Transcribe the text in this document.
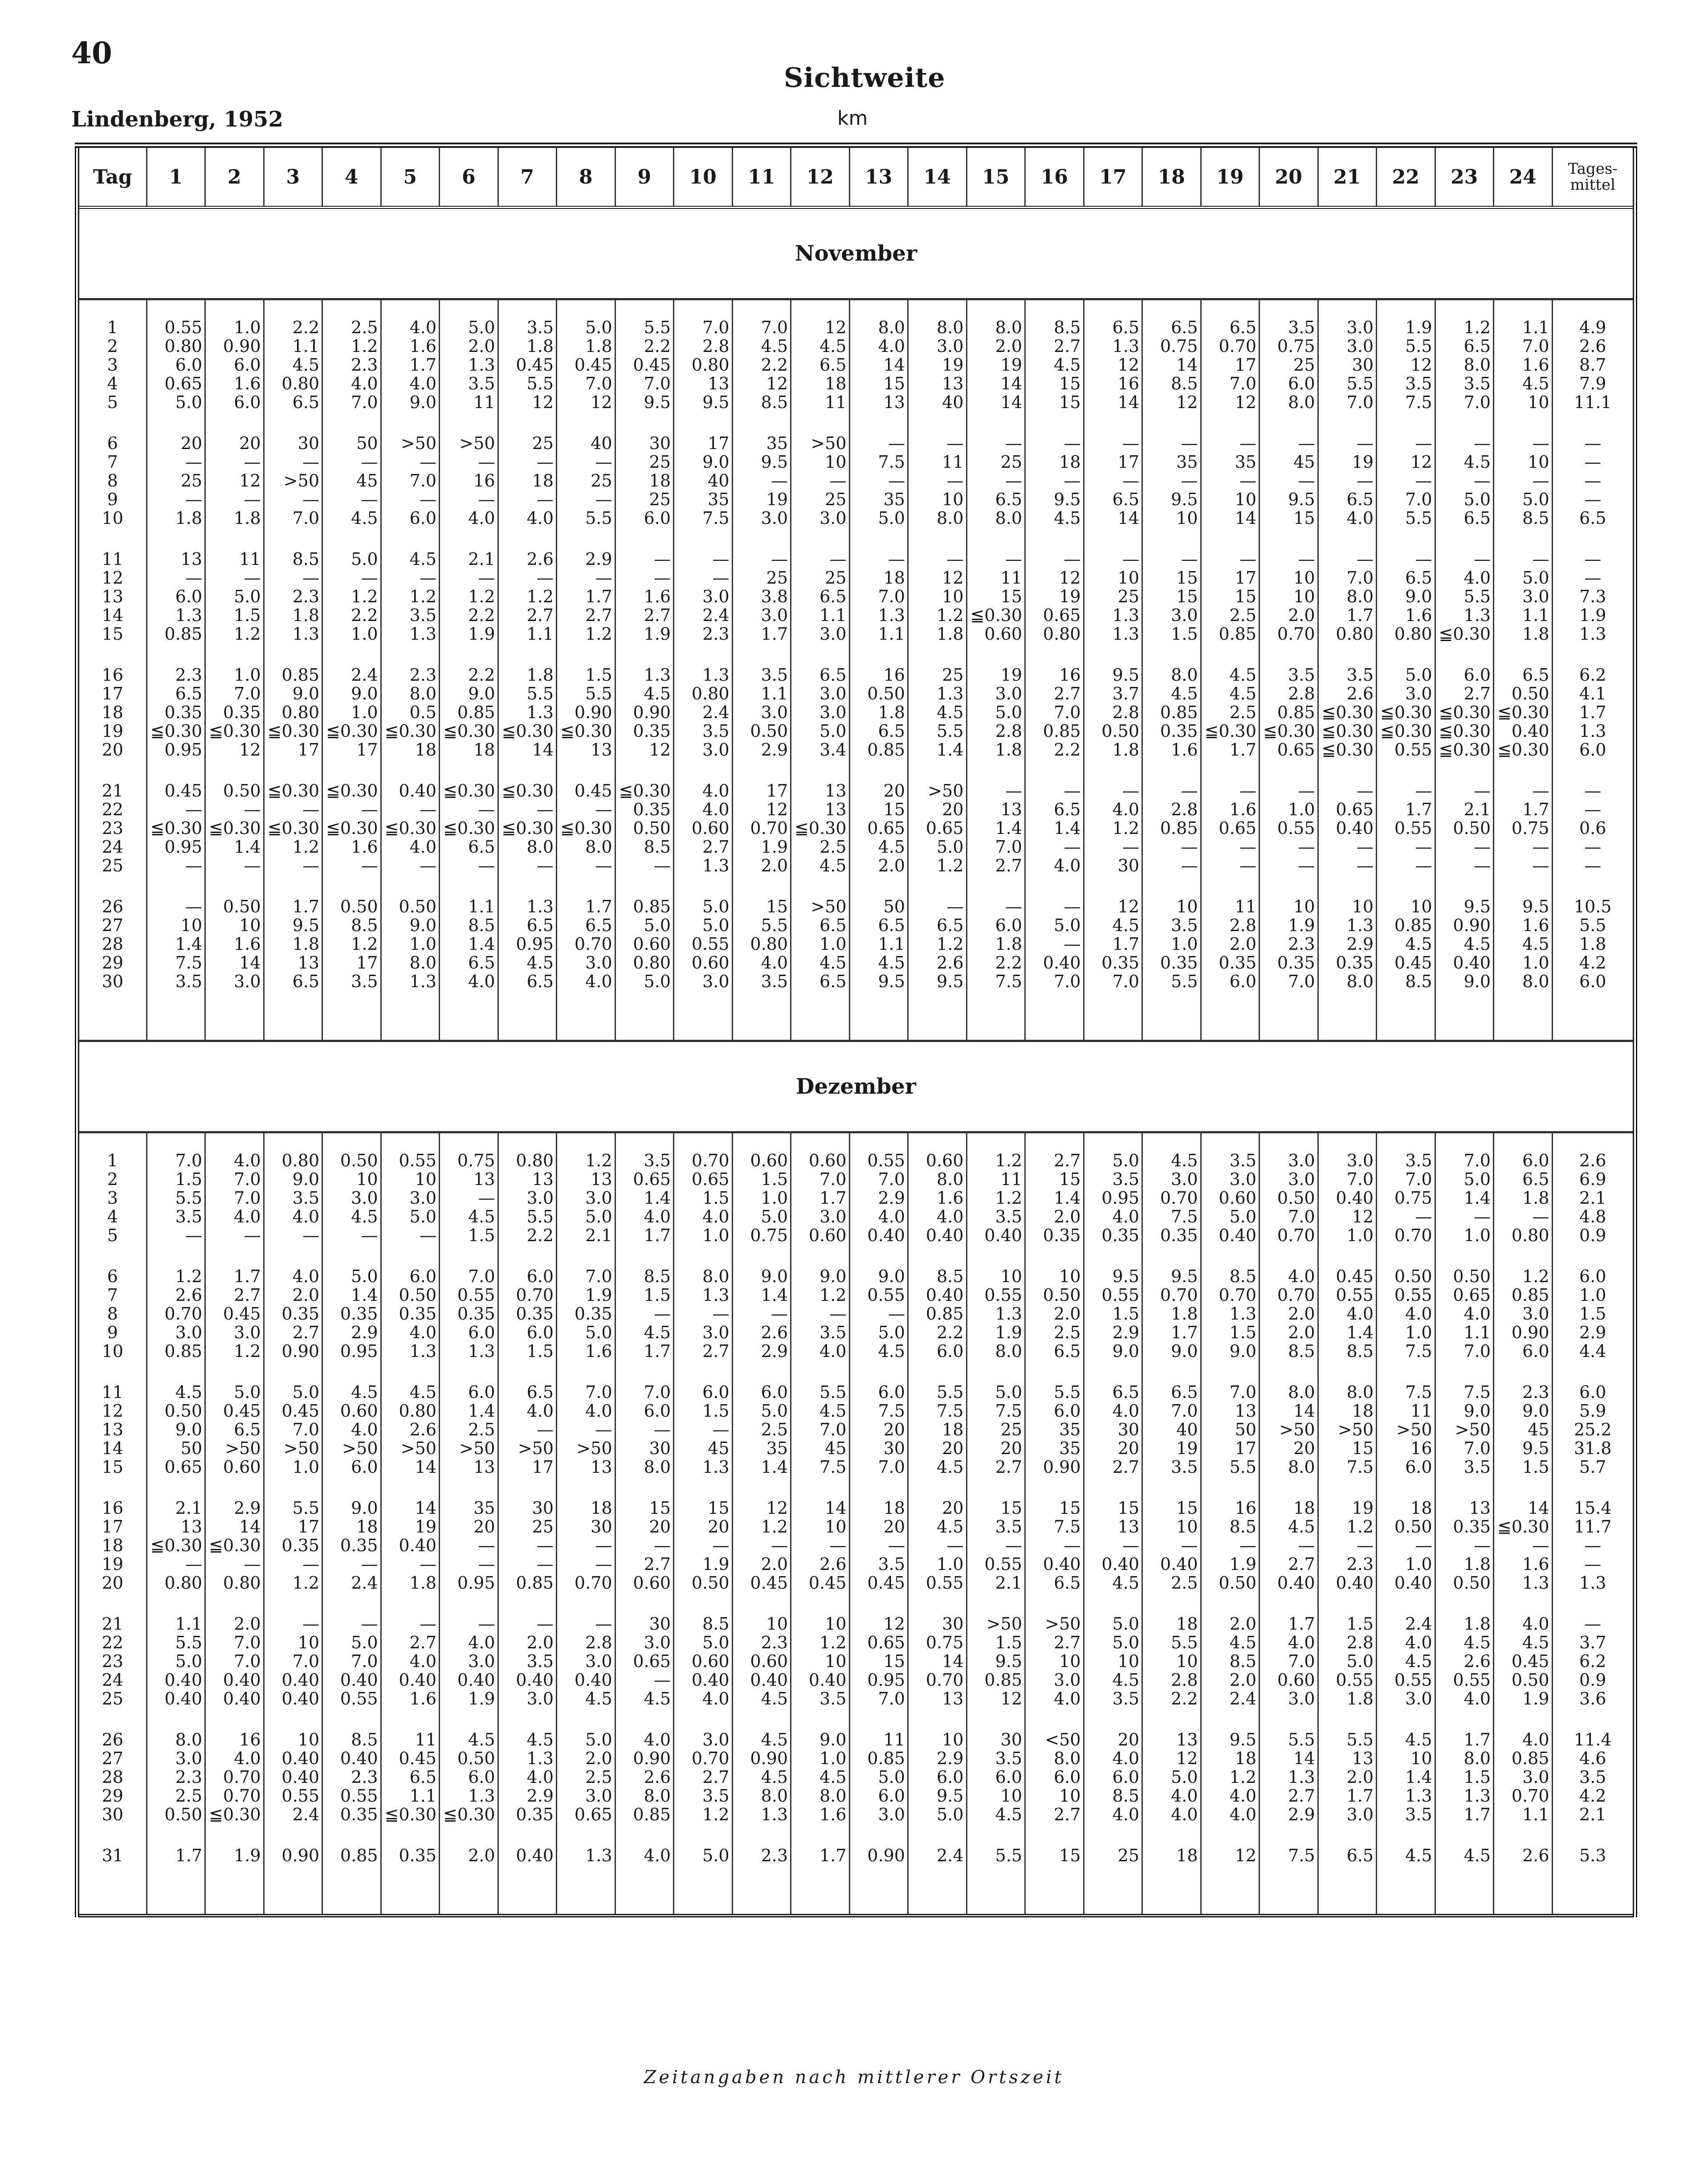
40
Sichtweite
km
Lindenberg, 1952
Tag	1	2	3	4	5	6	7	8	9	10	11	12	13	14	15	16	17	18	19	20	21	22	23	24	Tages-
mittel

November																									

1	0.55	1.0	2.2	2.5	4.0	5.0	3.5	5.0	5.5	7.0	7.0	12	8.0	8.0	8.0	8.5	6.5	6.5	6.5	3.5	3.0	1.9	1.2	1.1	4.9
2	0.80	0.90	1.1	1.2	1.6	2.0	1.8	1.8	2.2	2.8	4.5	4.5	4.0	3.0	2.0	2.7	1.3	0.75	0.70	0.75	3.0	5.5	6.5	7.0	2.6
3	6.0	6.0	4.5	2.3	1.7	1.3	0.45	0.45	0.45	0.80	2.2	6.5	14	19	19	4.5	12	14	17	25	30	12	8.0	1.6	8.7
4	0.65	1.6	0.80	4.0	4.0	3.5	5.5	7.0	7.0	13	12	18	15	13	14	15	16	8.5	7.0	6.0	5.5	3.5	3.5	4.5	7.9
5	5.0	6.0	6.5	7.0	9.0	11	12	12	9.5	9.5	8.5	11	13	40	14	15	14	12	12	8.0	7.0	7.5	7.0	10	11.1

6	20	20	30	50	>50	>50	25	40	30	17	35	>50	—	—	—	—	—	—	—	—	—	—	—	—	—
7	—	—	—	—	—	—	—	—	25	9.0	9.5	10	7.5	11	25	18	17	35	35	45	19	12	4.5	10	—
8	25	12	>50	45	7.0	16	18	25	18	40	—	—	—	—	—	—	—	—	—	—	—	—	—	—	—
9	—	—	—	—	—	—	—	—	25	35	19	25	35	10	6.5	9.5	6.5	9.5	10	9.5	6.5	7.0	5.0	5.0	—
10	1.8	1.8	7.0	4.5	6.0	4.0	4.0	5.5	6.0	7.5	3.0	3.0	5.0	8.0	8.0	4.5	14	10	14	15	4.0	5.5	6.5	8.5	6.5

11	13	11	8.5	5.0	4.5	2.1	2.6	2.9	—	—	—	—	—	—	—	—	—	—	—	—	—	—	—	—	—
12	—	—	—	—	—	—	—	—	—	—	25	25	18	12	11	12	10	15	17	10	7.0	6.5	4.0	5.0	—
13	6.0	5.0	2.3	1.2	1.2	1.2	1.2	1.7	1.6	3.0	3.8	6.5	7.0	10	15	19	25	15	15	10	8.0	9.0	5.5	3.0	7.3
14	1.3	1.5	1.8	2.2	3.5	2.2	2.7	2.7	2.7	2.4	3.0	1.1	1.3	1.2	≦0.30	0.65	1.3	3.0	2.5	2.0	1.7	1.6	1.3	1.1	1.9
15	0.85	1.2	1.3	1.0	1.3	1.9	1.1	1.2	1.9	2.3	1.7	3.0	1.1	1.8	0.60	0.80	1.3	1.5	0.85	0.70	0.80	0.80	≦0.30	1.8	1.3

16	2.3	1.0	0.85	2.4	2.3	2.2	1.8	1.5	1.3	1.3	3.5	6.5	16	25	19	16	9.5	8.0	4.5	3.5	3.5	5.0	6.0	6.5	6.2
17	6.5	7.0	9.0	9.0	8.0	9.0	5.5	5.5	4.5	0.80	1.1	3.0	0.50	1.3	3.0	2.7	3.7	4.5	4.5	2.8	2.6	3.0	2.7	0.50	4.1
18	0.35	0.35	0.80	1.0	0.5	0.85	1.3	0.90	0.90	2.4	3.0	3.0	1.8	4.5	5.0	7.0	2.8	0.85	2.5	0.85	≦0.30	≦0.30	≦0.30	≦0.30	1.7
19	≦0.30	≦0.30	≦0.30	≦0.30	≦0.30	≦0.30	≦0.30	≦0.30	0.35	3.5	0.50	5.0	6.5	5.5	2.8	0.85	0.50	0.35	≦0.30	≦0.30	≦0.30	≦0.30	≦0.30	0.40	1.3
20	0.95	12	17	17	18	18	14	13	12	3.0	2.9	3.4	0.85	1.4	1.8	2.2	1.8	1.6	1.7	0.65	≦0.30	0.55	≦0.30	≦0.30	6.0

21	0.45	0.50	≦0.30	≦0.30	0.40	≦0.30	≦0.30	0.45	≦0.30	4.0	17	13	20	>50	—	—	—	—	—	—	—	—	—	—	—
22	—	—	—	—	—	—	—	—	0.35	4.0	12	13	15	20	13	6.5	4.0	2.8	1.6	1.0	0.65	1.7	2.1	1.7	—
23	≦0.30	≦0.30	≦0.30	≦0.30	≦0.30	≦0.30	≦0.30	≦0.30	0.50	0.60	0.70	≦0.30	0.65	0.65	1.4	1.4	1.2	0.85	0.65	0.55	0.40	0.55	0.50	0.75	0.6
24	0.95	1.4	1.2	1.6	4.0	6.5	8.0	8.0	8.5	2.7	1.9	2.5	4.5	5.0	7.0	—	—	—	—	—	—	—	—	—	—
25	—	—	—	—	—	—	—	—	—	1.3	2.0	4.5	2.0	1.2	2.7	4.0	30	—	—	—	—	—	—	—	—

26	—	0.50	1.7	0.50	0.50	1.1	1.3	1.7	0.85	5.0	15	>50	50	—	—	—	12	10	11	10	10	10	9.5	9.5	10.5
27	10	10	9.5	8.5	9.0	8.5	6.5	6.5	5.0	5.0	5.5	6.5	6.5	6.5	6.0	5.0	4.5	3.5	2.8	1.9	1.3	0.85	0.90	1.6	5.5
28	1.4	1.6	1.8	1.2	1.0	1.4	0.95	0.70	0.60	0.55	0.80	1.0	1.1	1.2	1.8	—	1.7	1.0	2.0	2.3	2.9	4.5	4.5	4.5	1.8
29	7.5	14	13	17	8.0	6.5	4.5	3.0	0.80	0.60	4.0	4.5	4.5	2.6	2.2	0.40	0.35	0.35	0.35	0.35	0.35	0.45	0.40	1.0	4.2
30	3.5	3.0	6.5	3.5	1.3	4.0	6.5	4.0	5.0	3.0	3.5	6.5	9.5	9.5	7.5	7.0	7.0	5.5	6.0	7.0	8.0	8.5	9.0	8.0	6.0

Dezember																									

1	7.0	4.0	0.80	0.50	0.55	0.75	0.80	1.2	3.5	0.70	0.60	0.60	0.55	0.60	1.2	2.7	5.0	4.5	3.5	3.0	3.0	3.5	7.0	6.0	2.6
2	1.5	7.0	9.0	10	10	13	13	13	0.65	0.65	1.5	7.0	7.0	8.0	11	15	3.5	3.0	3.0	3.0	7.0	7.0	5.0	6.5	6.9
3	5.5	7.0	3.5	3.0	3.0	—	3.0	3.0	1.4	1.5	1.0	1.7	2.9	1.6	1.2	1.4	0.95	0.70	0.60	0.50	0.40	0.75	1.4	1.8	2.1
4	3.5	4.0	4.0	4.5	5.0	4.5	5.5	5.0	4.0	4.0	5.0	3.0	4.0	4.0	3.5	2.0	4.0	7.5	5.0	7.0	12	—	—	—	4.8
5	—	—	—	—	—	1.5	2.2	2.1	1.7	1.0	0.75	0.60	0.40	0.40	0.40	0.35	0.35	0.35	0.40	0.70	1.0	0.70	1.0	0.80	0.9

6	1.2	1.7	4.0	5.0	6.0	7.0	6.0	7.0	8.5	8.0	9.0	9.0	9.0	8.5	10	10	9.5	9.5	8.5	4.0	0.45	0.50	0.50	1.2	6.0
7	2.6	2.7	2.0	1.4	0.50	0.55	0.70	1.9	1.5	1.3	1.4	1.2	0.55	0.40	0.55	0.50	0.55	0.70	0.70	0.70	0.55	0.55	0.65	0.85	1.0
8	0.70	0.45	0.35	0.35	0.35	0.35	0.35	0.35	—	—	—	—	—	0.85	1.3	2.0	1.5	1.8	1.3	2.0	4.0	4.0	4.0	3.0	1.5
9	3.0	3.0	2.7	2.9	4.0	6.0	6.0	5.0	4.5	3.0	2.6	3.5	5.0	2.2	1.9	2.5	2.9	1.7	1.5	2.0	1.4	1.0	1.1	0.90	2.9
10	0.85	1.2	0.90	0.95	1.3	1.3	1.5	1.6	1.7	2.7	2.9	4.0	4.5	6.0	8.0	6.5	9.0	9.0	9.0	8.5	8.5	7.5	7.0	6.0	4.4

11	4.5	5.0	5.0	4.5	4.5	6.0	6.5	7.0	7.0	6.0	6.0	5.5	6.0	5.5	5.0	5.5	6.5	6.5	7.0	8.0	8.0	7.5	7.5	2.3	6.0
12	0.50	0.45	0.45	0.60	0.80	1.4	4.0	4.0	6.0	1.5	5.0	4.5	7.5	7.5	7.5	6.0	4.0	7.0	13	14	18	11	9.0	9.0	5.9
13	9.0	6.5	7.0	4.0	2.6	2.5	—	—	—	—	2.5	7.0	20	18	25	35	30	40	50	>50	>50	>50	>50	45	25.2
14	50	>50	>50	>50	>50	>50	>50	>50	30	45	35	45	30	20	20	35	20	19	17	20	15	16	7.0	9.5	31.8
15	0.65	0.60	1.0	6.0	14	13	17	13	8.0	1.3	1.4	7.5	7.0	4.5	2.7	0.90	2.7	3.5	5.5	8.0	7.5	6.0	3.5	1.5	5.7

16	2.1	2.9	5.5	9.0	14	35	30	18	15	15	12	14	18	20	15	15	15	15	16	18	19	18	13	14	15.4
17	13	14	17	18	19	20	25	30	20	20	1.2	10	20	4.5	3.5	7.5	13	10	8.5	4.5	1.2	0.50	0.35	≦0.30	11.7
18	≦0.30	≦0.30	0.35	0.35	0.40	—	—	—	—	—	—	—	—	—	—	—	—	—	—	—	—	—	—	—	—
19	—	—	—	—	—	—	—	—	2.7	1.9	2.0	2.6	3.5	1.0	0.55	0.40	0.40	0.40	1.9	2.7	2.3	1.0	1.8	1.6	—
20	0.80	0.80	1.2	2.4	1.8	0.95	0.85	0.70	0.60	0.50	0.45	0.45	0.45	0.55	2.1	6.5	4.5	2.5	0.50	0.40	0.40	0.40	0.50	1.3	1.3

21	1.1	2.0	—	—	—	—	—	—	30	8.5	10	10	12	30	>50	>50	5.0	18	2.0	1.7	1.5	2.4	1.8	4.0	—
22	5.5	7.0	10	5.0	2.7	4.0	2.0	2.8	3.0	5.0	2.3	1.2	0.65	0.75	1.5	2.7	5.0	5.5	4.5	4.0	2.8	4.0	4.5	4.5	3.7
23	5.0	7.0	7.0	7.0	4.0	3.0	3.5	3.0	0.65	0.60	0.60	10	15	14	9.5	10	10	10	8.5	7.0	5.0	4.5	2.6	0.45	6.2
24	0.40	0.40	0.40	0.40	0.40	0.40	0.40	0.40	—	0.40	0.40	0.40	0.95	0.70	0.85	3.0	4.5	2.8	2.0	0.60	0.55	0.55	0.55	0.50	0.9
25	0.40	0.40	0.40	0.55	1.6	1.9	3.0	4.5	4.5	4.0	4.5	3.5	7.0	13	12	4.0	3.5	2.2	2.4	3.0	1.8	3.0	4.0	1.9	3.6

26	8.0	16	10	8.5	11	4.5	4.5	5.0	4.0	3.0	4.5	9.0	11	10	30	<50	20	13	9.5	5.5	5.5	4.5	1.7	4.0	11.4
27	3.0	4.0	0.40	0.40	0.45	0.50	1.3	2.0	0.90	0.70	0.90	1.0	0.85	2.9	3.5	8.0	4.0	12	18	14	13	10	8.0	0.85	4.6
28	2.3	0.70	0.40	2.3	6.5	6.0	4.0	2.5	2.6	2.7	4.5	4.5	5.0	6.0	6.0	6.0	6.0	5.0	1.2	1.3	2.0	1.4	1.5	3.0	3.5
29	2.5	0.70	0.55	0.55	1.1	1.3	2.9	3.0	8.0	3.5	8.0	8.0	6.0	9.5	10	10	8.5	4.0	4.0	2.7	1.7	1.3	1.3	0.70	4.2
30	0.50	≦0.30	2.4	0.35	≦0.30	≦0.30	0.35	0.65	0.85	1.2	1.3	1.6	3.0	5.0	4.5	2.7	4.0	4.0	4.0	2.9	3.0	3.5	1.7	1.1	2.1

31	1.7	1.9	0.90	0.85	0.35	2.0	0.40	1.3	4.0	5.0	2.3	1.7	0.90	2.4	5.5	15	25	18	12	7.5	6.5	4.5	4.5	2.6	5.3

Zeitangaben nach mittlerer Ortszeit
